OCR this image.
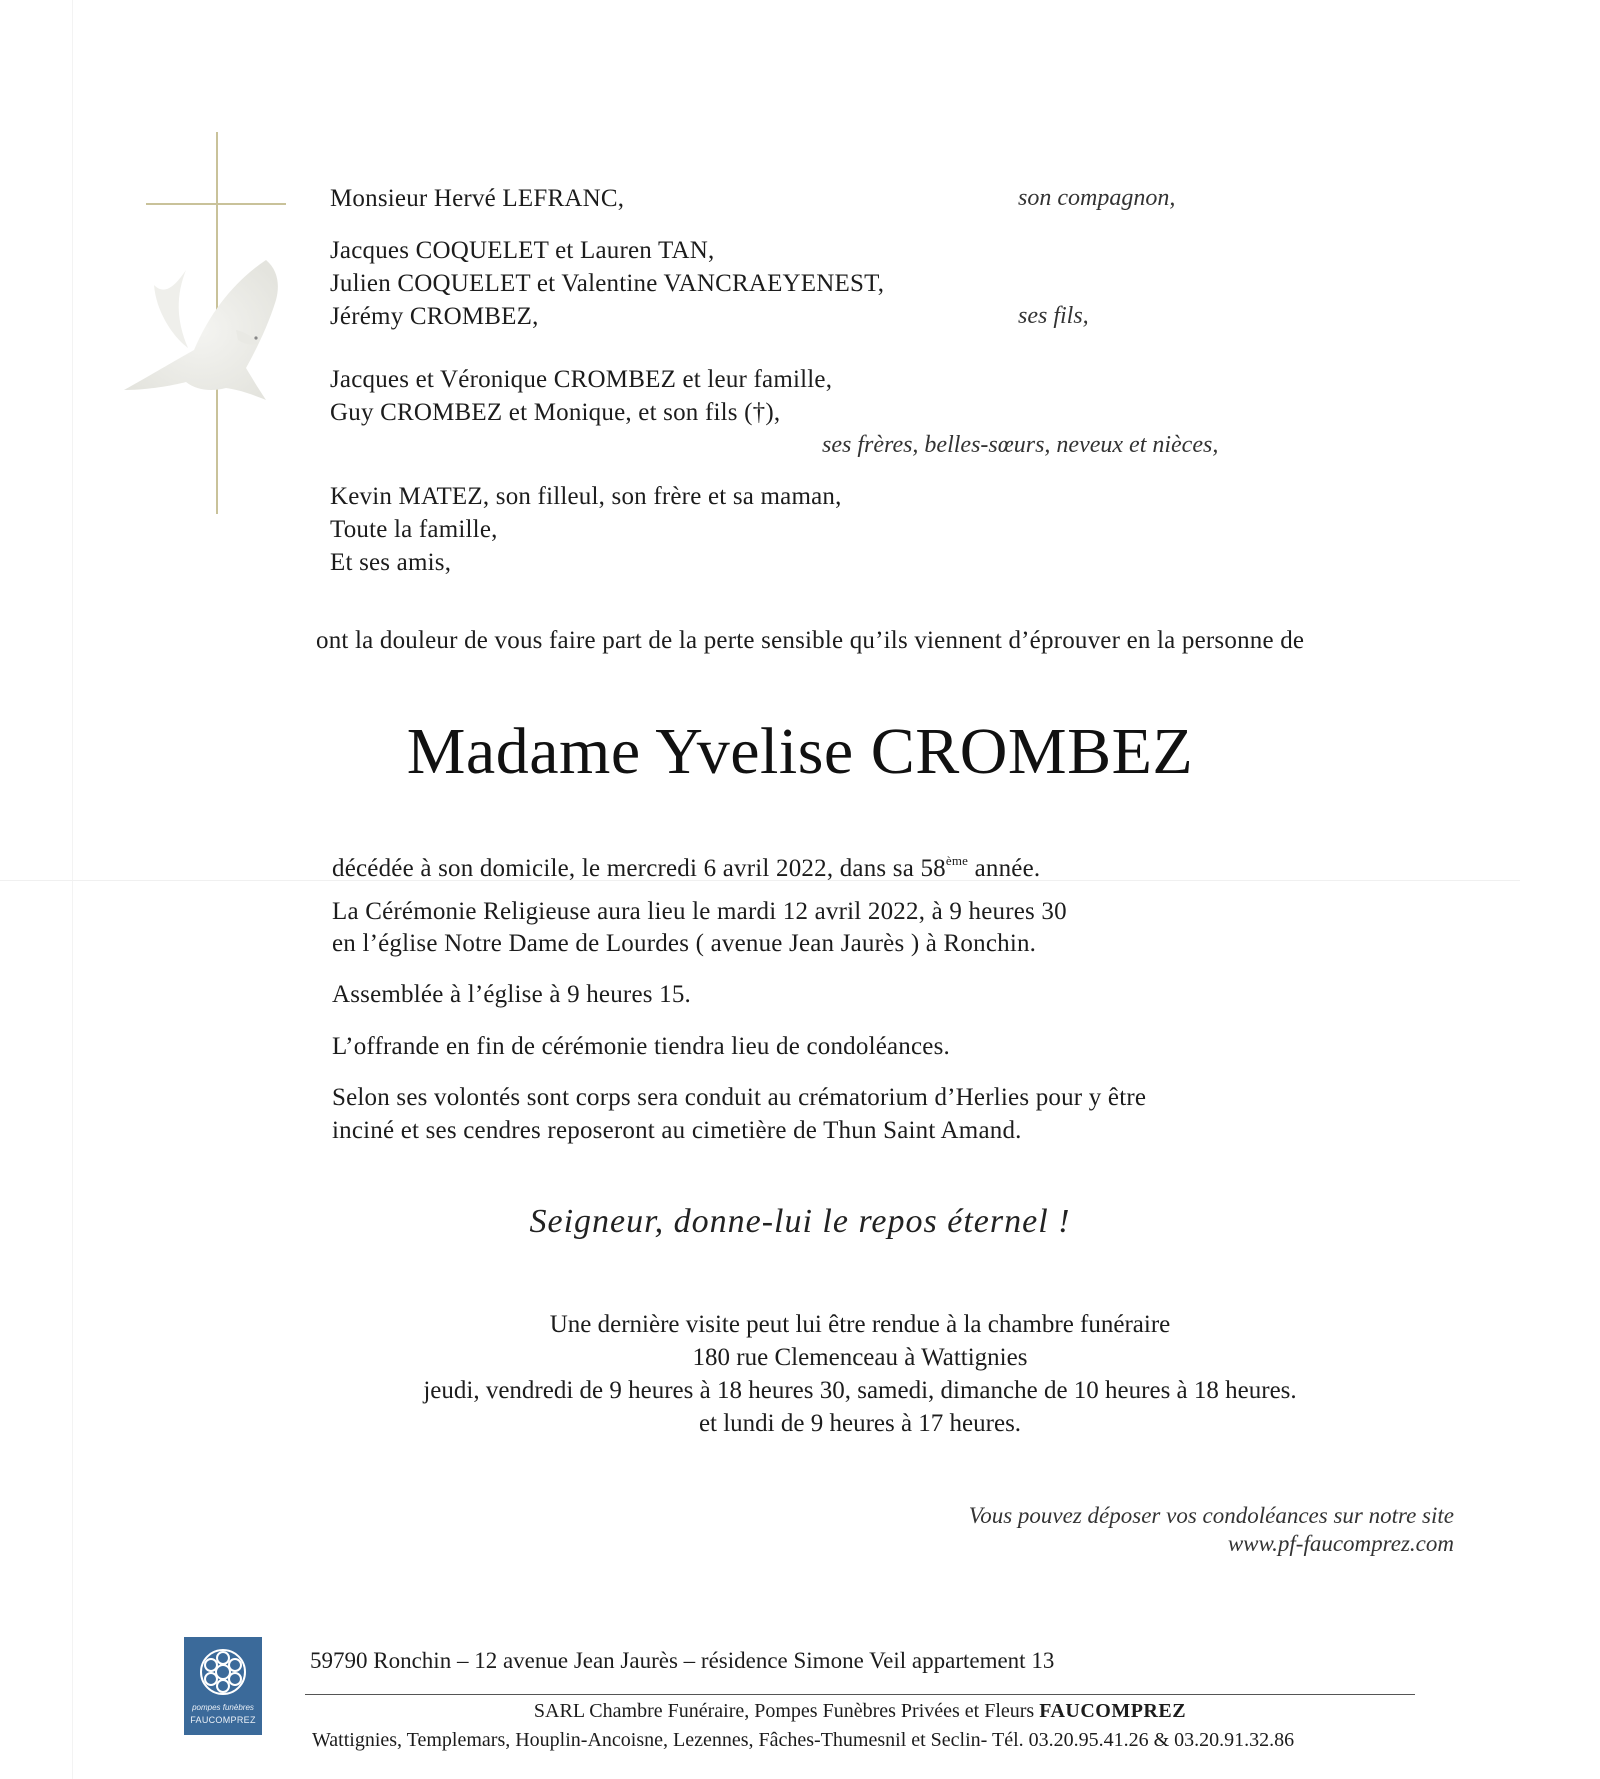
Monsieur Hervé LEFRANC,	son compagnon,
Jacques COQUELET et Lauren TAN,
Julien COQUELET et Valentine VANCRAEYENEST,
Jérémy CROMBEZ,	ses fils,
Jacques et Véronique CROMBEZ et leur famille,
Guy CROMBEZ et Monique, et son fils (†),
ses frères, belles-sœurs, neveux et nièces,
Kevin MATEZ, son filleul, son frère et sa maman,
Toute la famille,
Et ses amis,
ont la douleur de vous faire part de la perte sensible qu’ils viennent d’éprouver en la personne de
Madame Yvelise CROMBEZ
décédée à son domicile, le mercredi 6 avril 2022, dans sa 58ème année.
La Cérémonie Religieuse aura lieu le mardi 12 avril 2022, à 9 heures 30
en l’église Notre Dame de Lourdes ( avenue Jean Jaurès ) à Ronchin.
Assemblée à l’église à 9 heures 15.
L’offrande en fin de cérémonie tiendra lieu de condoléances.
Selon ses volontés sont corps sera conduit au crématorium d’Herlies pour y être
inciné et ses cendres reposeront au cimetière de Thun Saint Amand.
Seigneur, donne-lui le repos éternel !
Une dernière visite peut lui être rendue à la chambre funéraire
180 rue Clemenceau à Wattignies
jeudi, vendredi de 9 heures à 18 heures 30, samedi, dimanche de 10 heures à 18 heures.
et lundi de 9 heures à 17 heures.
Vous pouvez déposer vos condoléances sur notre site
www.pf-faucomprez.com
pompes funèbres
FAUCOMPREZ
59790 Ronchin – 12 avenue Jean Jaurès – résidence Simone Veil appartement 13
SARL Chambre Funéraire, Pompes Funèbres Privées et Fleurs FAUCOMPREZ
Wattignies, Templemars, Houplin-Ancoisne, Lezennes, Fâches-Thumesnil et Seclin- Tél. 03.20.95.41.26 & 03.20.91.32.86
